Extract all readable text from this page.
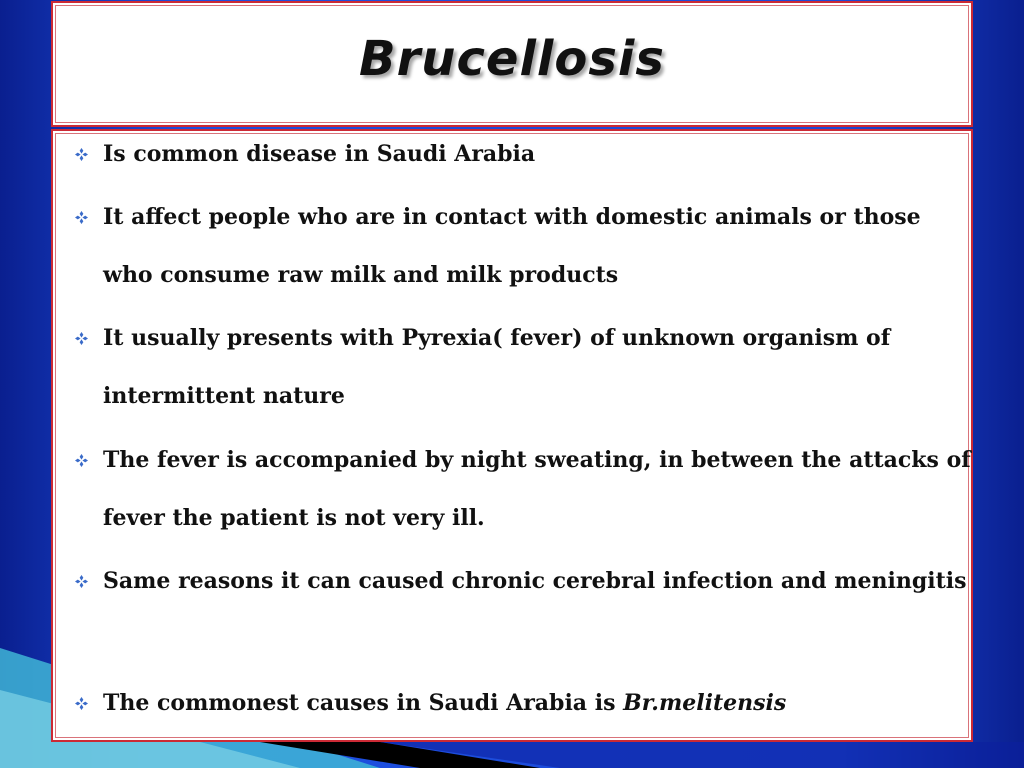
Brucellosis
Is common disease in Saudi Arabia
It affect people who are in contact with domestic animals or those who consume raw milk and milk products
It usually presents with Pyrexia( fever) of unknown organism of intermittent nature
The fever is accompanied by night sweating, in between the attacks of fever the patient is not very ill.
Same reasons it can caused chronic cerebral infection and meningitis
The commonest causes in Saudi Arabia is Br.melitensis
